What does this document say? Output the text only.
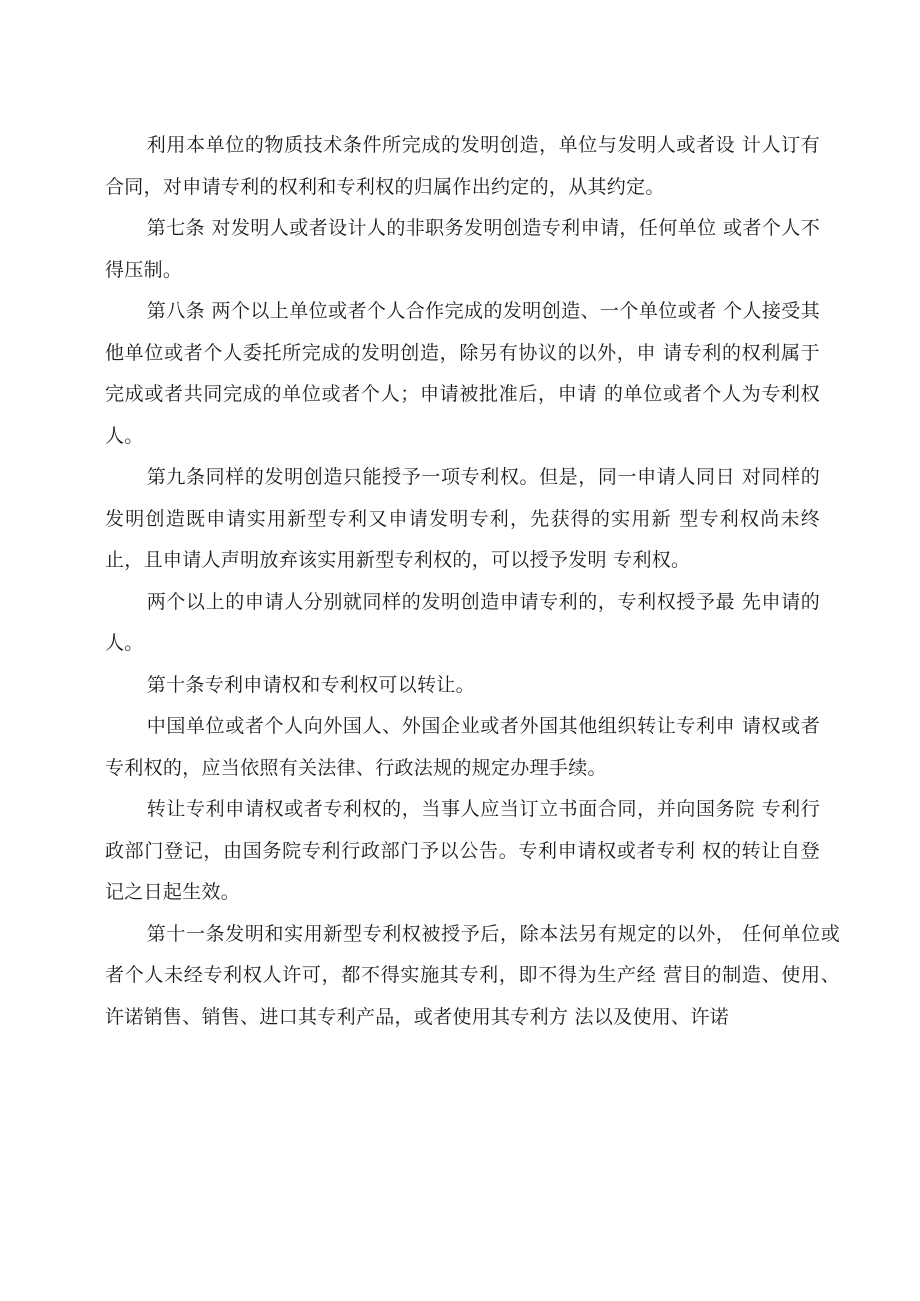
利用本单位的物质技术条件所完成的发明创造，单位与发明人或者设 计人订有合同，对申请专利的权利和专利权的归属作出约定的，从其约定。

第七条 对发明人或者设计人的非职务发明创造专利申请，任何单位 或者个人不得压制。

第八条 两个以上单位或者个人合作完成的发明创造、一个单位或者 个人接受其他单位或者个人委托所完成的发明创造，除另有协议的以外，申 请专利的权利属于完成或者共同完成的单位或者个人；申请被批准后，申请 的单位或者个人为专利权人。

第九条同样的发明创造只能授予一项专利权。但是，同一申请人同日 对同样的发明创造既申请实用新型专利又申请发明专利，先获得的实用新 型专利权尚未终止，且申请人声明放弃该实用新型专利权的，可以授予发明 专利权。

两个以上的申请人分别就同样的发明创造申请专利的，专利权授予最 先申请的人。

第十条专利申请权和专利权可以转让。

中国单位或者个人向外国人、外国企业或者外国其他组织转让专利申 请权或者专利权的，应当依照有关法律、行政法规的规定办理手续。

转让专利申请权或者专利权的，当事人应当订立书面合同，并向国务院 专利行政部门登记，由国务院专利行政部门予以公告。专利申请权或者专利 权的转让自登记之日起生效。

第十一条发明和实用新型专利权被授予后，除本法另有规定的以外， 任何单位或者个人未经专利权人许可，都不得实施其专利，即不得为生产经 营目的制造、使用、许诺销售、销售、进口其专利产品，或者使用其专利方 法以及使用、许诺
